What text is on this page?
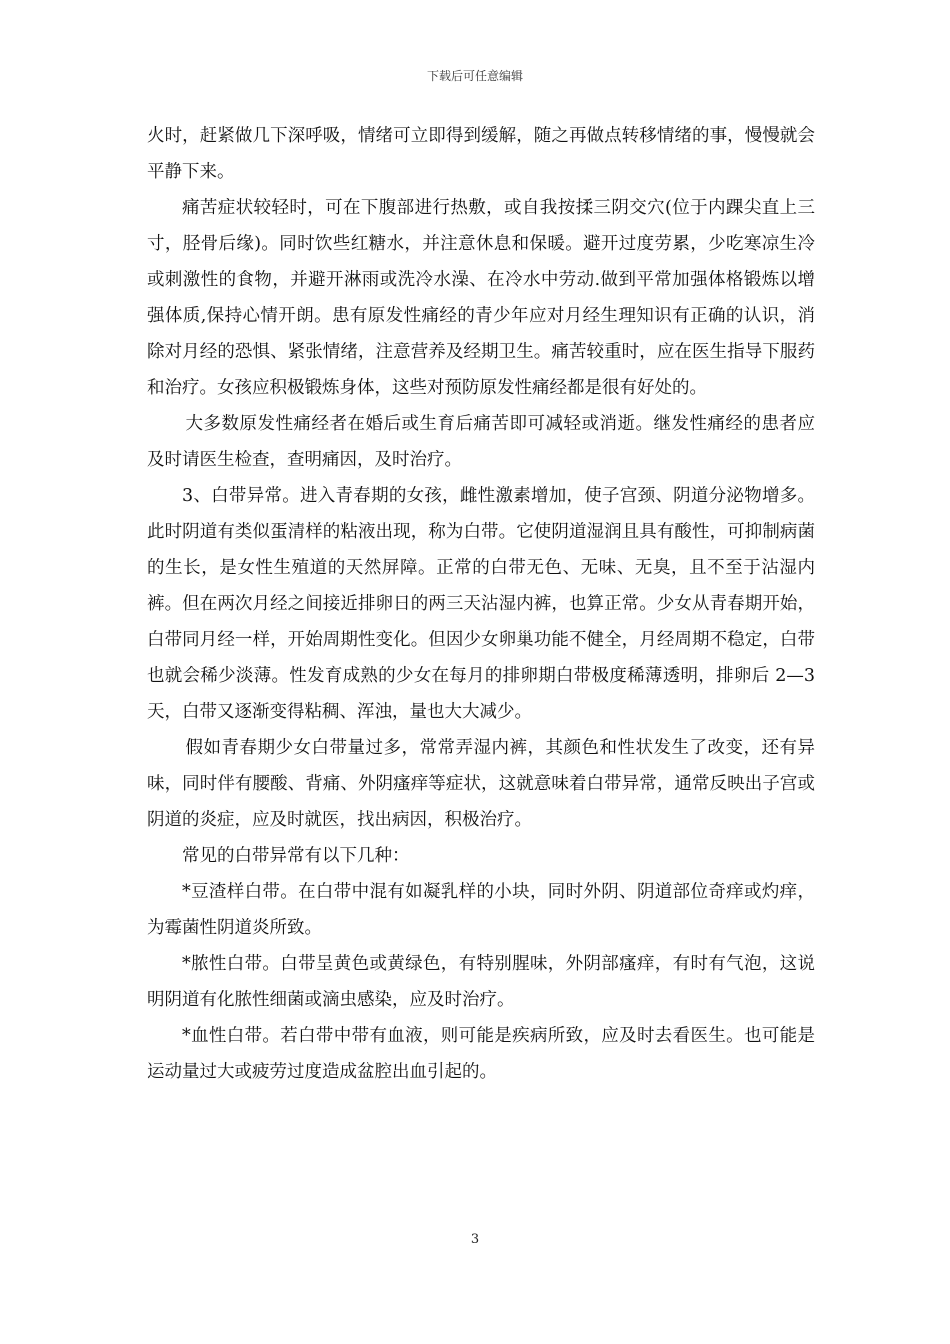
下载后可任意编辑

火时，赶紧做几下深呼吸，情绪可立即得到缓解，随之再做点转移情绪的事，慢慢就会平静下来。

痛苦症状较轻时，可在下腹部进行热敷，或自我按揉三阴交穴(位于内踝尖直上三寸，胫骨后缘)。同时饮些红糖水，并注意休息和保暖。避开过度劳累，少吃寒凉生冷或刺激性的食物，并避开淋雨或洗冷水澡、在冷水中劳动.做到平常加强体格锻炼以增强体质,保持心情开朗。患有原发性痛经的青少年应对月经生理知识有正确的认识，消除对月经的恐惧、紧张情绪，注意营养及经期卫生。痛苦较重时，应在医生指导下服药和治疗。女孩应积极锻炼身体，这些对预防原发性痛经都是很有好处的。

大多数原发性痛经者在婚后或生育后痛苦即可减轻或消逝。继发性痛经的患者应及时请医生检查，查明痛因，及时治疗。

3、白带异常。进入青春期的女孩，雌性激素增加，使子宫颈、阴道分泌物增多。此时阴道有类似蛋清样的粘液出现，称为白带。它使阴道湿润且具有酸性，可抑制病菌的生长，是女性生殖道的天然屏障。正常的白带无色、无味、无臭，且不至于沾湿内裤。但在两次月经之间接近排卵日的两三天沾湿内裤，也算正常。少女从青春期开始，白带同月经一样，开始周期性变化。但因少女卵巢功能不健全，月经周期不稳定，白带也就会稀少淡薄。性发育成熟的少女在每月的排卵期白带极度稀薄透明，排卵后 2—3 天，白带又逐渐变得粘稠、浑浊，量也大大减少。

假如青春期少女白带量过多，常常弄湿内裤，其颜色和性状发生了改变，还有异味，同时伴有腰酸、背痛、外阴瘙痒等症状，这就意味着白带异常，通常反映出子宫或阴道的炎症，应及时就医，找出病因，积极治疗。

常见的白带异常有以下几种：

*豆渣样白带。在白带中混有如凝乳样的小块，同时外阴、阴道部位奇痒或灼痒，为霉菌性阴道炎所致。

*脓性白带。白带呈黄色或黄绿色，有特别腥味，外阴部瘙痒，有时有气泡，这说明阴道有化脓性细菌或滴虫感染，应及时治疗。

*血性白带。若白带中带有血液，则可能是疾病所致，应及时去看医生。也可能是运动量过大或疲劳过度造成盆腔出血引起的。

3
